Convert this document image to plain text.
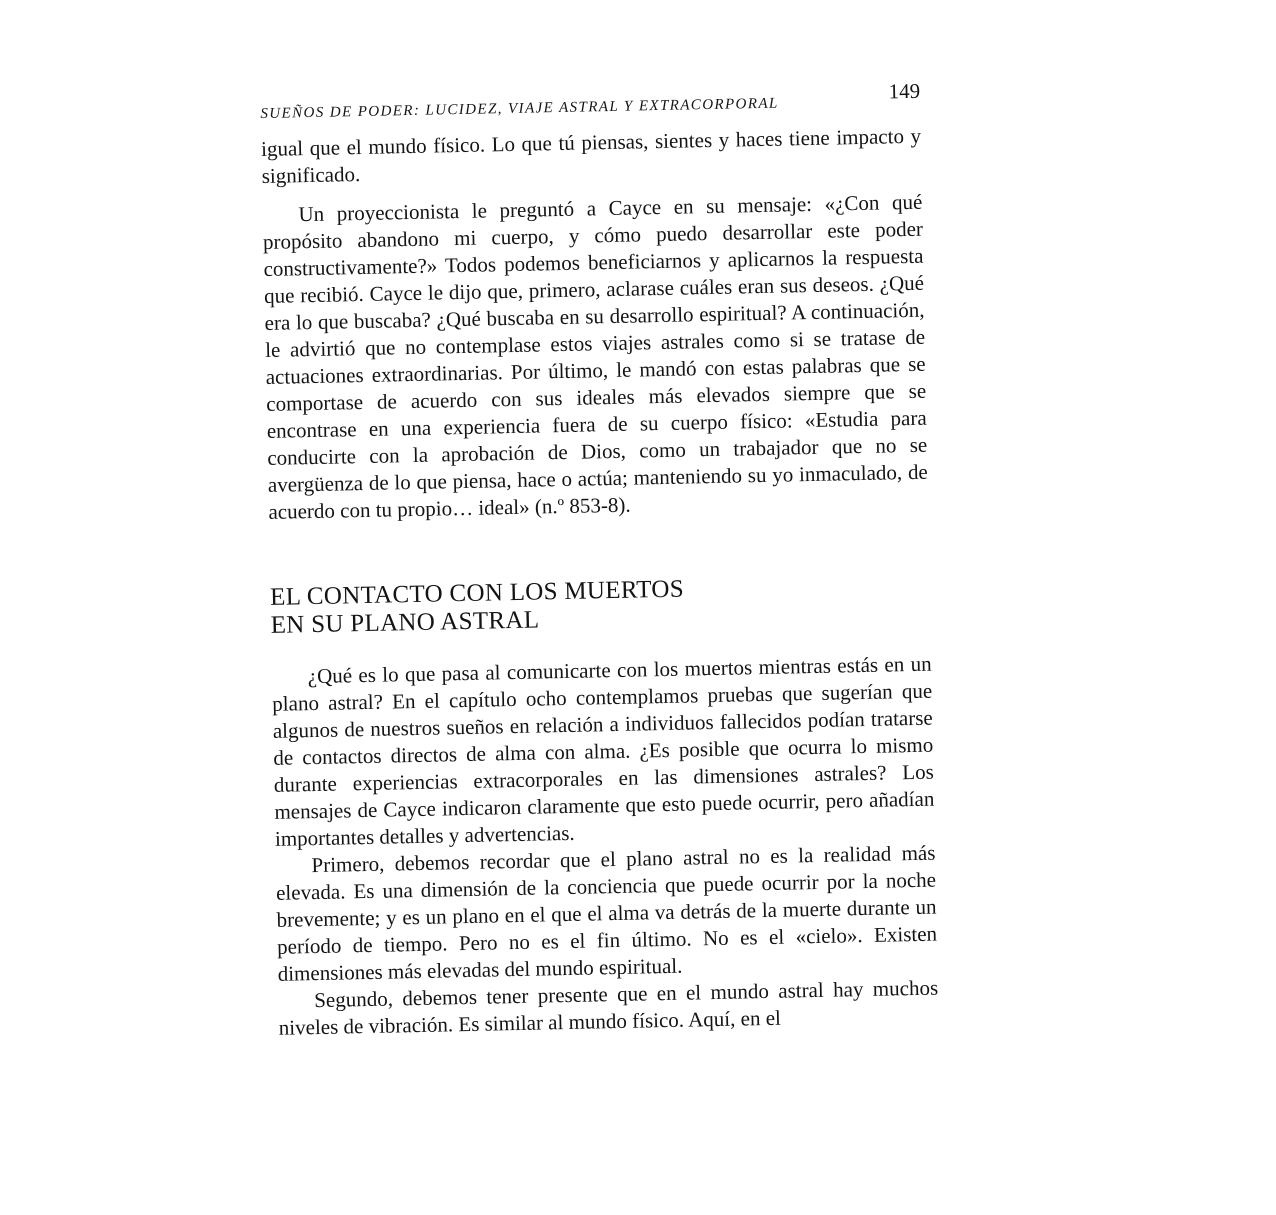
SUEÑOS DE PODER: LUCIDEZ, VIAJE ASTRAL Y EXTRACORPORAL
149

igual que el mundo físico. Lo que tú piensas, sientes y haces tiene impacto y significado.

Un proyeccionista le preguntó a Cayce en su mensaje: «¿Con qué propósito abandono mi cuerpo, y cómo puedo desarrollar este poder constructivamente?» Todos podemos beneficiarnos y aplicarnos la respuesta que recibió. Cayce le dijo que, primero, aclarase cuáles eran sus deseos. ¿Qué era lo que buscaba? ¿Qué buscaba en su desarrollo espiritual? A continuación, le advirtió que no contemplase estos viajes astrales como si se tratase de actuaciones extraordinarias. Por último, le mandó con estas palabras que se comportase de acuerdo con sus ideales más elevados siempre que se encontrase en una experiencia fuera de su cuerpo físico: «Estudia para conducirte con la aprobación de Dios, como un trabajador que no se avergüenza de lo que piensa, hace o actúa; manteniendo su yo inmaculado, de acuerdo con tu propio… ideal» (n.º 853-8).

EL CONTACTO CON LOS MUERTOS
EN SU PLANO ASTRAL

¿Qué es lo que pasa al comunicarte con los muertos mientras estás en un plano astral? En el capítulo ocho contemplamos pruebas que sugerían que algunos de nuestros sueños en relación a individuos fallecidos podían tratarse de contactos directos de alma con alma. ¿Es posible que ocurra lo mismo durante experiencias extracorporales en las dimensiones astrales? Los mensajes de Cayce indicaron claramente que esto puede ocurrir, pero añadían importantes detalles y advertencias.

Primero, debemos recordar que el plano astral no es la realidad más elevada. Es una dimensión de la conciencia que puede ocurrir por la noche brevemente; y es un plano en el que el alma va detrás de la muerte durante un período de tiempo. Pero no es el fin último. No es el «cielo». Existen dimensiones más elevadas del mundo espiritual.

Segundo, debemos tener presente que en el mundo astral hay muchos niveles de vibración. Es similar al mundo físico. Aquí, en el
